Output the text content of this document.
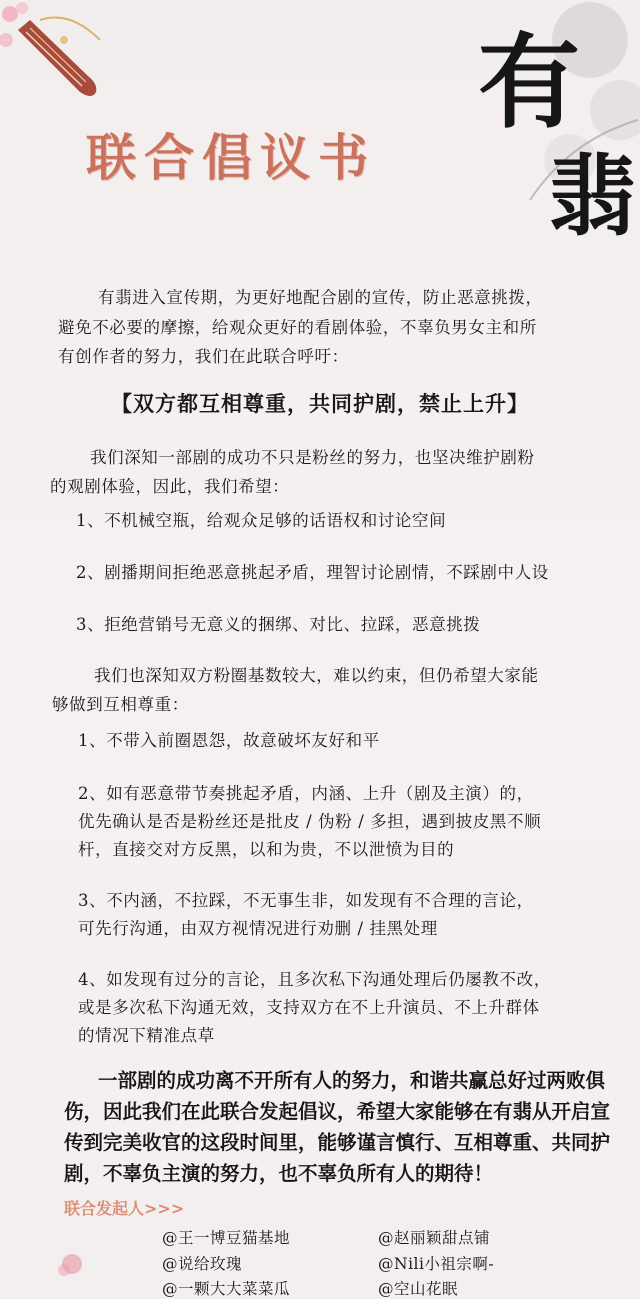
有
翡
联合倡议书

有翡进入宣传期，为更好地配合剧的宣传，防止恶意挑拨，

避免不必要的摩擦，给观众更好的看剧体验，不辜负男女主和所

有创作者的努力，我们在此联合呼吁：

【双方都互相尊重，共同护剧，禁止上升】

我们深知一部剧的成功不只是粉丝的努力，也坚决维护剧粉

的观剧体验，因此，我们希望：

1、不机械空瓶，给观众足够的话语权和讨论空间

2、剧播期间拒绝恶意挑起矛盾，理智讨论剧情，不踩剧中人设

3、拒绝营销号无意义的捆绑、对比、拉踩，恶意挑拨

我们也深知双方粉圈基数较大，难以约束，但仍希望大家能

够做到互相尊重：

1、不带入前圈恩怨，故意破坏友好和平

2、如有恶意带节奏挑起矛盾，内涵、上升（剧及主演）的，

优先确认是否是粉丝还是批皮 / 伪粉 / 多担，遇到披皮黑不顺

杆，直接交对方反黑，以和为贵，不以泄愤为目的

3、不内涵，不拉踩，不无事生非，如发现有不合理的言论，

可先行沟通，由双方视情况进行劝删 / 挂黑处理

4、如发现有过分的言论，且多次私下沟通处理后仍屡教不改，

或是多次私下沟通无效，支持双方在不上升演员、不上升群体

的情况下精准点草

一部剧的成功离不开所有人的努力，和谐共赢总好过两败俱

伤，因此我们在此联合发起倡议，希望大家能够在有翡从开启宣

传到完美收官的这段时间里，能够谨言慎行、互相尊重、共同护

剧，不辜负主演的努力，也不辜负所有人的期待！

联合发起人>>>

@王一博豆猫基地	@赵丽颖甜点铺

@说给玫瑰	@Nili小祖宗啊-

@一颗大大菜菜瓜	@空山花眠
